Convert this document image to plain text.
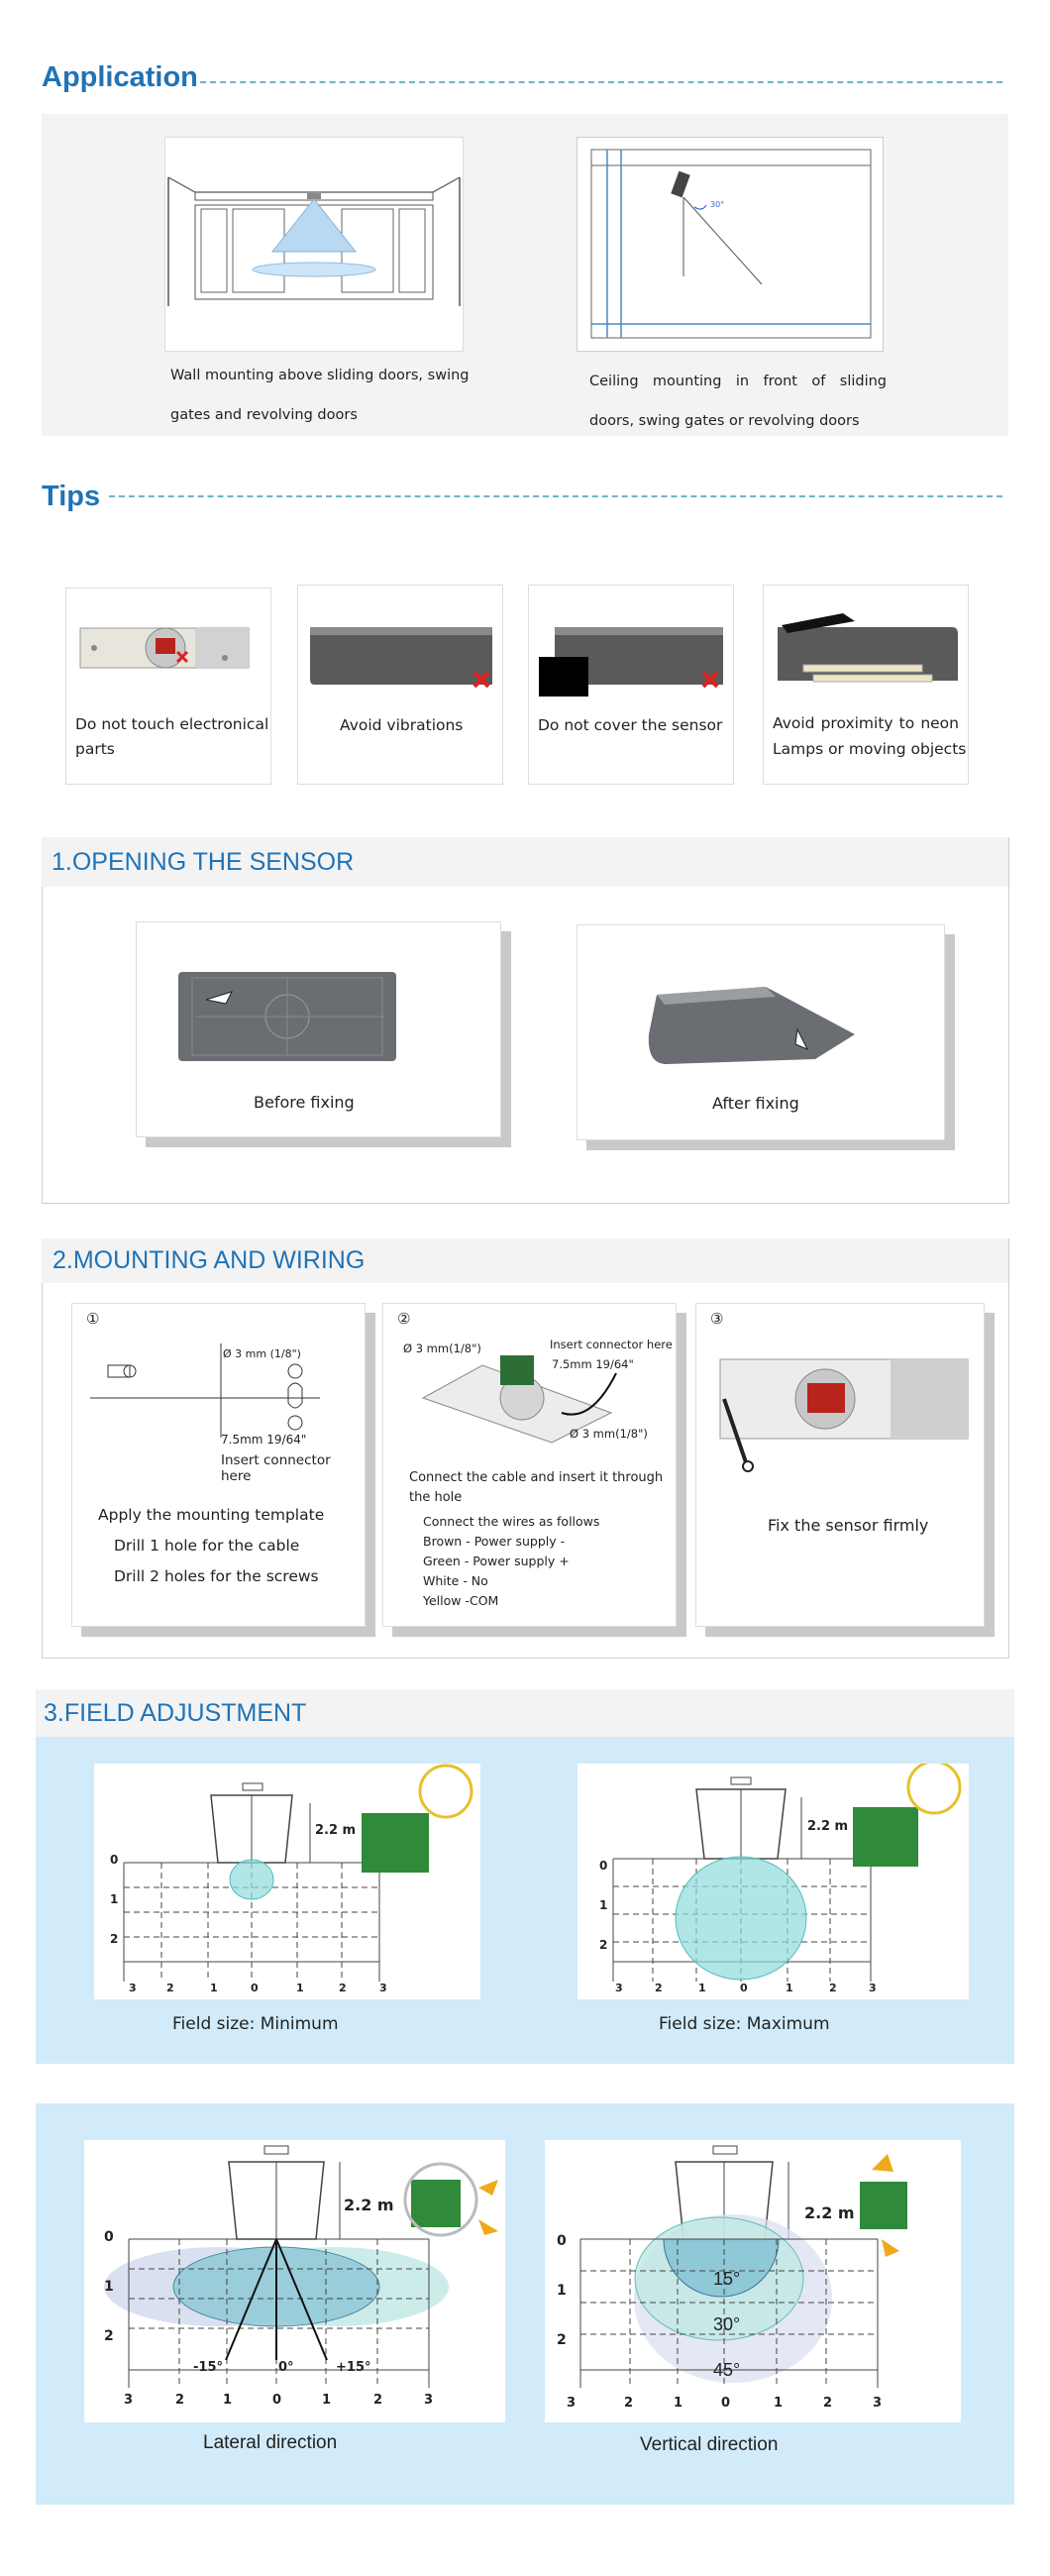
Application
Wall mounting above sliding doors, swing
gates and revolving doors
30°
Ceiling mounting in front of sliding
doors, swing gates or revolving doors
Tips
Do not touch electronical
parts
Avoid vibrations	Do not cover the sensor	Avoid proximity to neon
Lamps or moving objects
1.OPENING THE SENSOR
Before fixing	After fixing
2.MOUNTING AND WIRING
①
Ø 3 mm (1/8")
7.5mm 19/64"
Insert connector here
Apply the mounting template
Drill 1 hole for the cable
Drill 2 holes for the screws
②
Ø 3 mm(1/8")	Insert connector here
7.5mm 19/64"
Ø 3 mm(1/8")
Connect the cable and insert it through
the hole
Connect the wires as follows
Brown - Power supply -
Green - Power supply +
White - No
Yellow -COM
③
Fix the sensor firmly
3.FIELD ADJUSTMENT
2.2 m
0
1
2
3	2	1	0	1	2	3
Field size: Minimum
2.2 m
0
1
2
3	2	1	0	1	2	3
Field size: Maximum
2.2 m
0
1
2
-15°	0°	+15°
3	2	1	0	1	2	3
Lateral direction
2.2 m
0
1
2
15°
30°
45°
3	2	1	0	1	2	3
Vertical direction
